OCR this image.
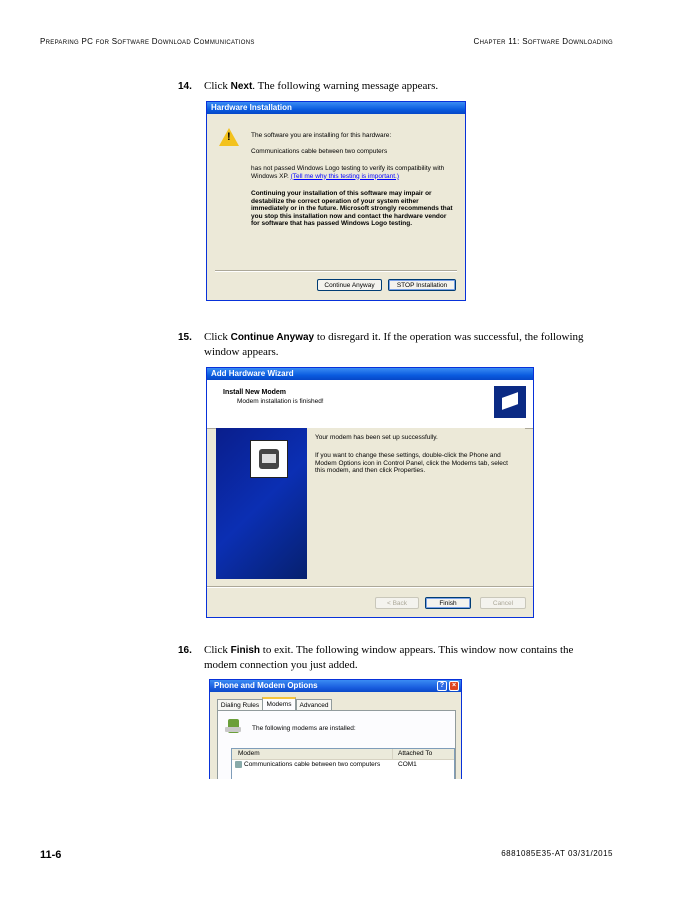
Preparing PC for Software Download Communications	Chapter 11: Software Downloading
14. Click Next. The following warning message appears.
Hardware Installation
!	The software you are installing for this hardware:
Communications cable between two computers
has not passed Windows Logo testing to verify its compatibility with Windows XP. (Tell me why this testing is important.)
Continuing your installation of this software may impair or destabilize the correct operation of your system either immediately or in the future. Microsoft strongly recommends that you stop this installation now and contact the hardware vendor for software that has passed Windows Logo testing.
Continue Anyway	STOP Installation
15. Click Continue Anyway to disregard it. If the operation was successful, the following window appears.
Add Hardware Wizard
Install New Modem
Modem installation is finished!
Your modem has been set up successfully.
If you want to change these settings, double-click the Phone and Modem Options icon in Control Panel, click the Modems tab, select this modem, and then click Properties.
< Back	Finish	Cancel
16. Click Finish to exit. The following window appears. This window now contains the modem connection you just added.
Phone and Modem Options	?	×
Dialing Rules	Modems	Advanced
The following modems are installed:
Modem	Attached To
Communications cable between two computers	COM1
11-6	6881085E35-AT 03/31/2015
